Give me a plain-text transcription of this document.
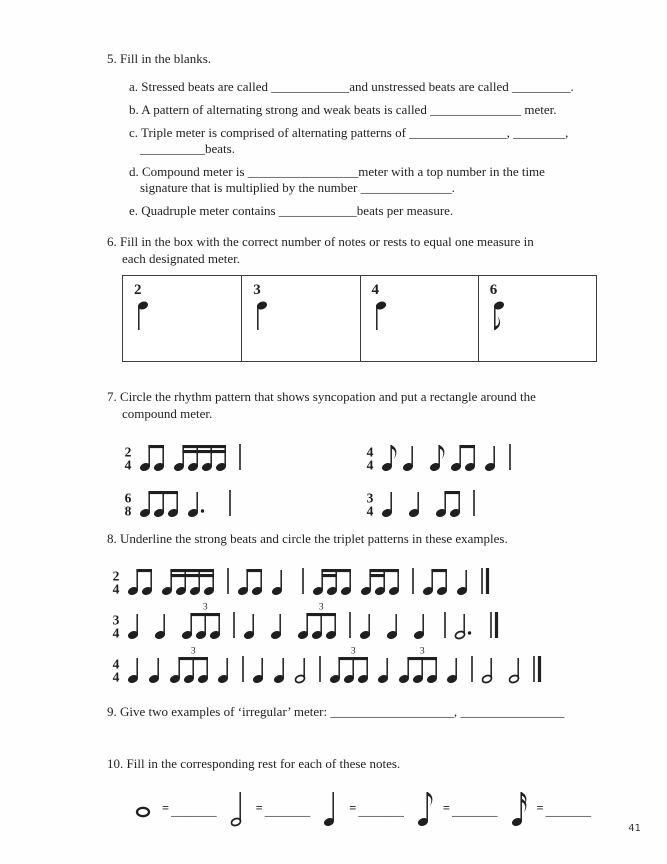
5. Fill in the blanks.
a. Stressed beats are called ____________and unstressed beats are called _________.
b. A pattern of alternating strong and weak beats is called ______________ meter.
c. Triple meter is comprised of alternating patterns of _______________, ________,
__________beats.
d. Compound meter is _________________meter with a top number in the time
signature that is multiplied by the number ______________.
e. Quadruple meter contains ____________beats per measure.
6. Fill in the box with the correct number of notes or rests to equal one measure in
each designated meter.
2	3	4	6
7. Circle the rhythm pattern that shows syncopation and put a rectangle around the
compound meter.
2
4
4
4
6
8
3
4
8. Underline the strong beats and circle the triplet patterns in these examples.
2
4
3
4
3	3
4
4
3	3	3
9. Give two examples of ‘irregular’ meter: ___________________, ________________
10. Fill in the corresponding rest for each of these notes.
= _______	= _______	= _______	= _______	= _______
41
